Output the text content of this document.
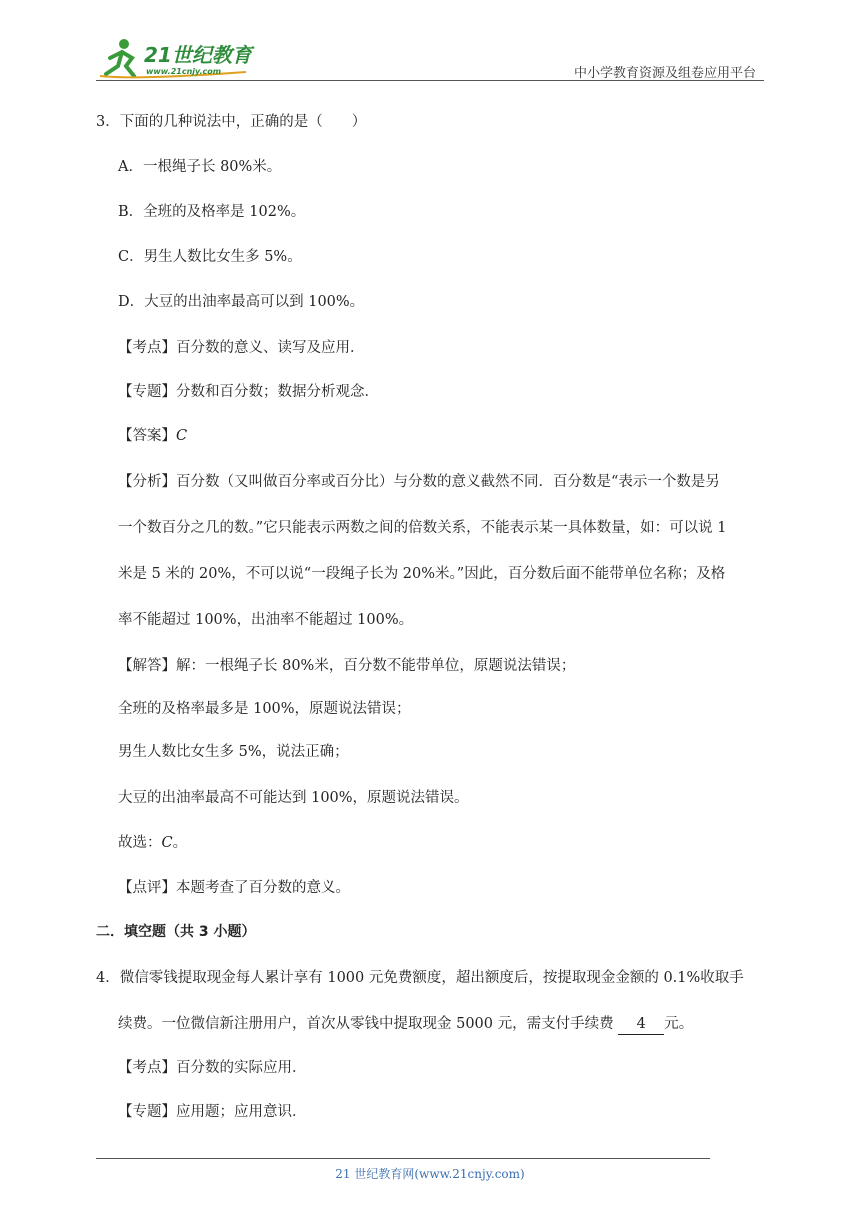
21世纪教育
www.21cnjy.com	中小学教育资源及组卷应用平台
3．下面的几种说法中，正确的是（　　）
A．一根绳子长 80%米。
B．全班的及格率是 102%。
C．男生人数比女生多 5%。
D．大豆的出油率最高可以到 100%。
【考点】百分数的意义、读写及应用．
【专题】分数和百分数；数据分析观念．
【答案】C
【分析】百分数（又叫做百分率或百分比）与分数的意义截然不同．百分数是“表示一个数是另
一个数百分之几的数。”它只能表示两数之间的倍数关系，不能表示某一具体数量，如：可以说 1
米是 5 米的 20%，不可以说“一段绳子长为 20%米。”因此，百分数后面不能带单位名称；及格
率不能超过 100%，出油率不能超过 100%。
【解答】解：一根绳子长 80%米，百分数不能带单位，原题说法错误；
全班的及格率最多是 100%，原题说法错误；
男生人数比女生多 5%，说法正确；
大豆的出油率最高不可能达到 100%，原题说法错误。
故选：C。
【点评】本题考查了百分数的意义。
二．填空题（共 3 小题）
4．微信零钱提取现金每人累计享有 1000 元免费额度，超出额度后，按提取现金金额的 0.1%收取手
续费。一位微信新注册用户，首次从零钱中提取现金 5000 元，需支付手续费 4 元。
【考点】百分数的实际应用．
【专题】应用题；应用意识．
21 世纪教育网(www.21cnjy.com)
